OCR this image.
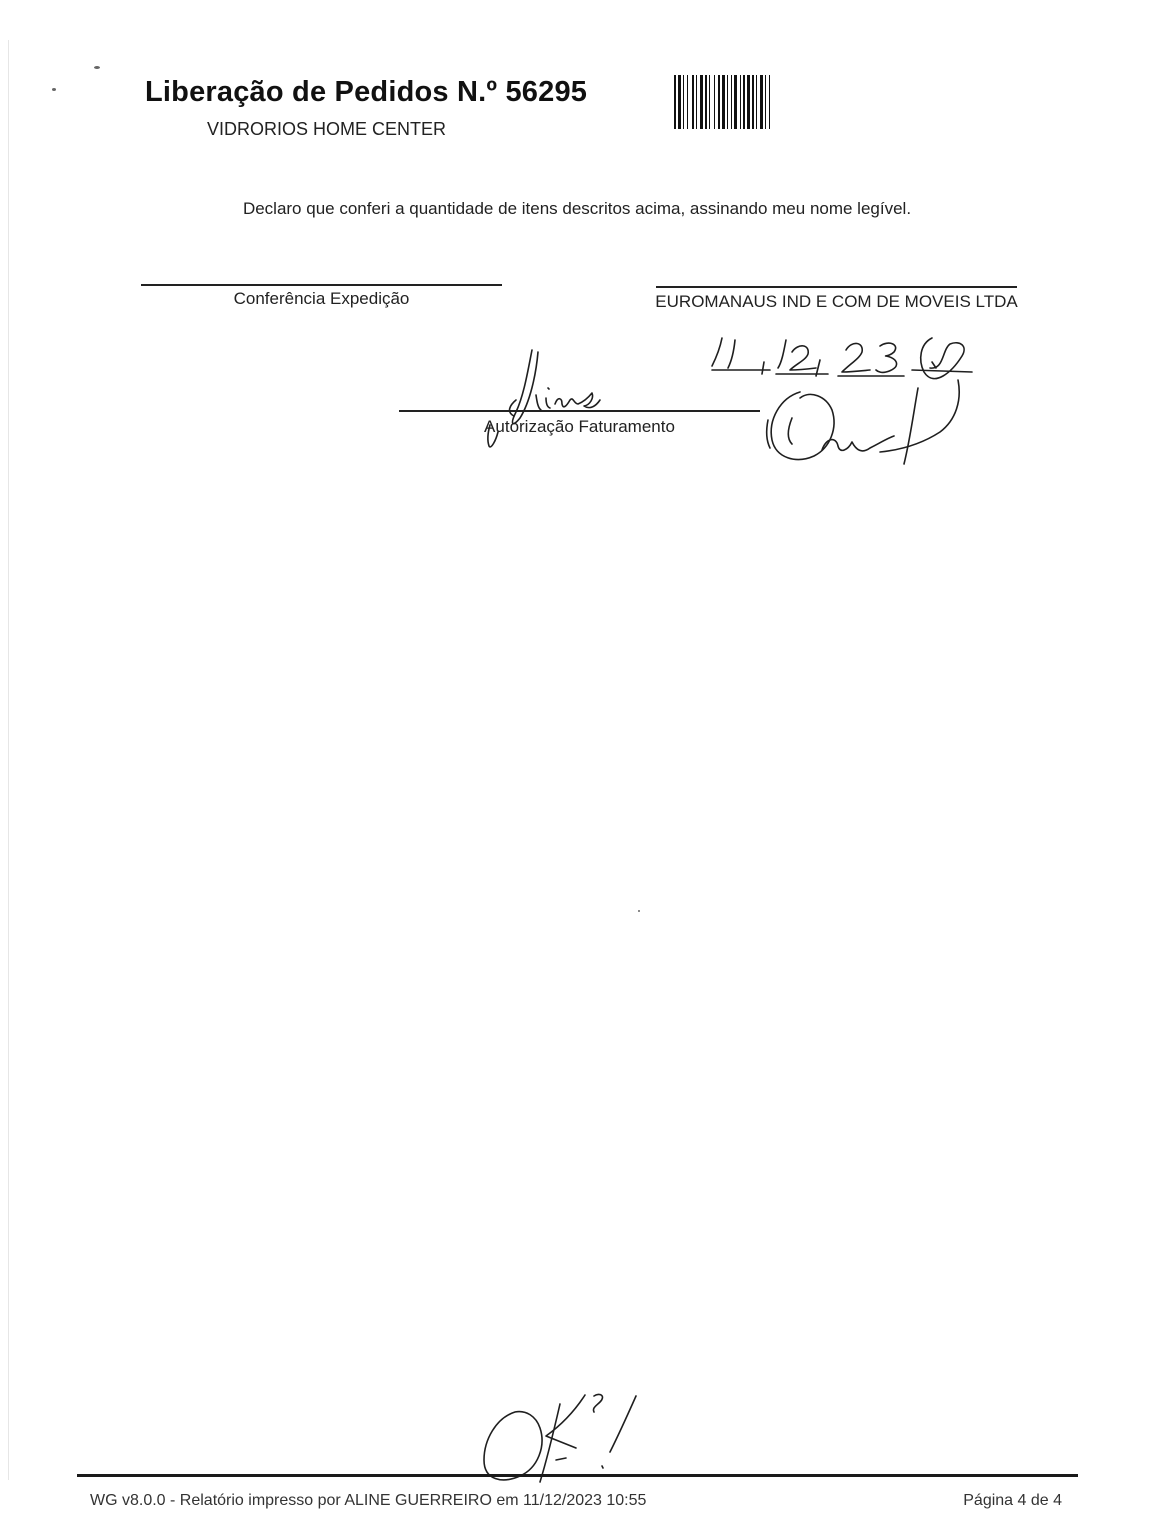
Liberação de Pedidos N.º 56295
VIDRORIOS HOME CENTER
Declaro que conferi a quantidade de itens descritos acima, assinando meu nome legível.
Conferência Expedição	EUROMANAUS IND E COM DE MOVEIS LTDA
Autorização Faturamento
WG v8.0.0 - Relatório impresso por ALINE GUERREIRO em 11/12/2023 10:55	Página 4 de 4
